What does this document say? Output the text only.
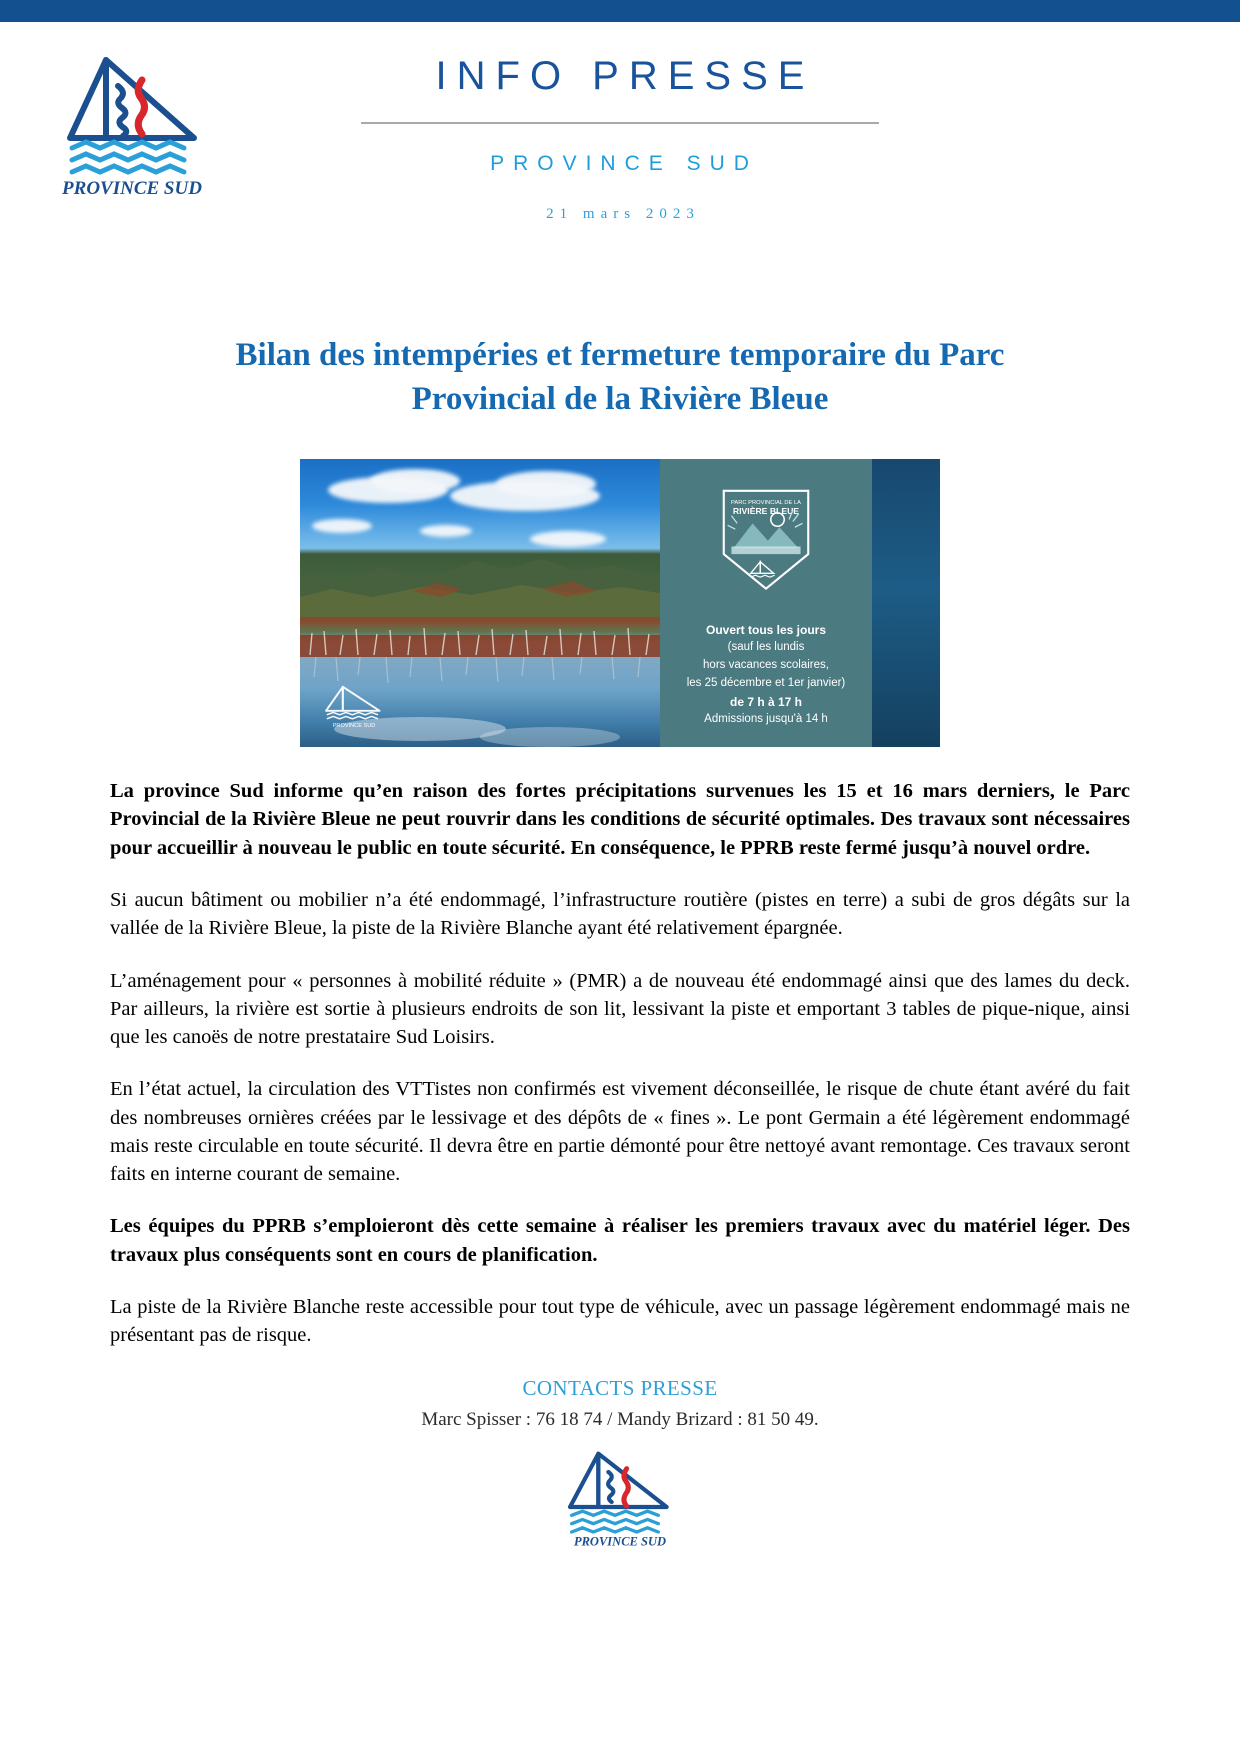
PROVINCE SUD
INFO PRESSE
PROVINCE SUD
21 mars 2023
Bilan des intempéries et fermeture temporaire du Parc
Provincial de la Rivière Bleue
PROVINCE SUD
PARC PROVINCIAL DE LA
RIVIÈRE BLEUE
Ouvert tous les jours
(sauf les lundis
hors vacances scolaires,
les 25 décembre et 1er janvier)
de 7 h à 17 h
Admissions jusqu'à 14 h

La province Sud informe qu’en raison des fortes précipitations survenues les 15 et 16 mars derniers, le Parc Provincial de la Rivière Bleue ne peut rouvrir dans les conditions de sécurité optimales. Des travaux sont nécessaires pour accueillir à nouveau le public en toute sécurité. En conséquence, le PPRB reste fermé jusqu’à nouvel ordre.

Si aucun bâtiment ou mobilier n’a été endommagé, l’infrastructure routière (pistes en terre) a subi de gros dégâts sur la vallée de la Rivière Bleue, la piste de la Rivière Blanche ayant été relativement épargnée.

L’aménagement pour « personnes à mobilité réduite » (PMR) a de nouveau été endommagé ainsi que des lames du deck. Par ailleurs, la rivière est sortie à plusieurs endroits de son lit, lessivant la piste et emportant 3 tables de pique-nique, ainsi que les canoës de notre prestataire Sud Loisirs.

En l’état actuel, la circulation des VTTistes non confirmés est vivement déconseillée, le risque de chute étant avéré du fait des nombreuses ornières créées par le lessivage et des dépôts de « fines ». Le pont Germain a été légèrement endommagé mais reste circulable en toute sécurité. Il devra être en partie démonté pour être nettoyé avant remontage. Ces travaux seront faits en interne courant de semaine.

Les équipes du PPRB s’emploieront dès cette semaine à réaliser les premiers travaux avec du matériel léger. Des travaux plus conséquents sont en cours de planification.

La piste de la Rivière Blanche reste accessible pour tout type de véhicule, avec un passage légèrement endommagé mais ne présentant pas de risque.

CONTACTS PRESSE
Marc Spisser : 76 18 74 / Mandy Brizard : 81 50 49.
PROVINCE SUD
